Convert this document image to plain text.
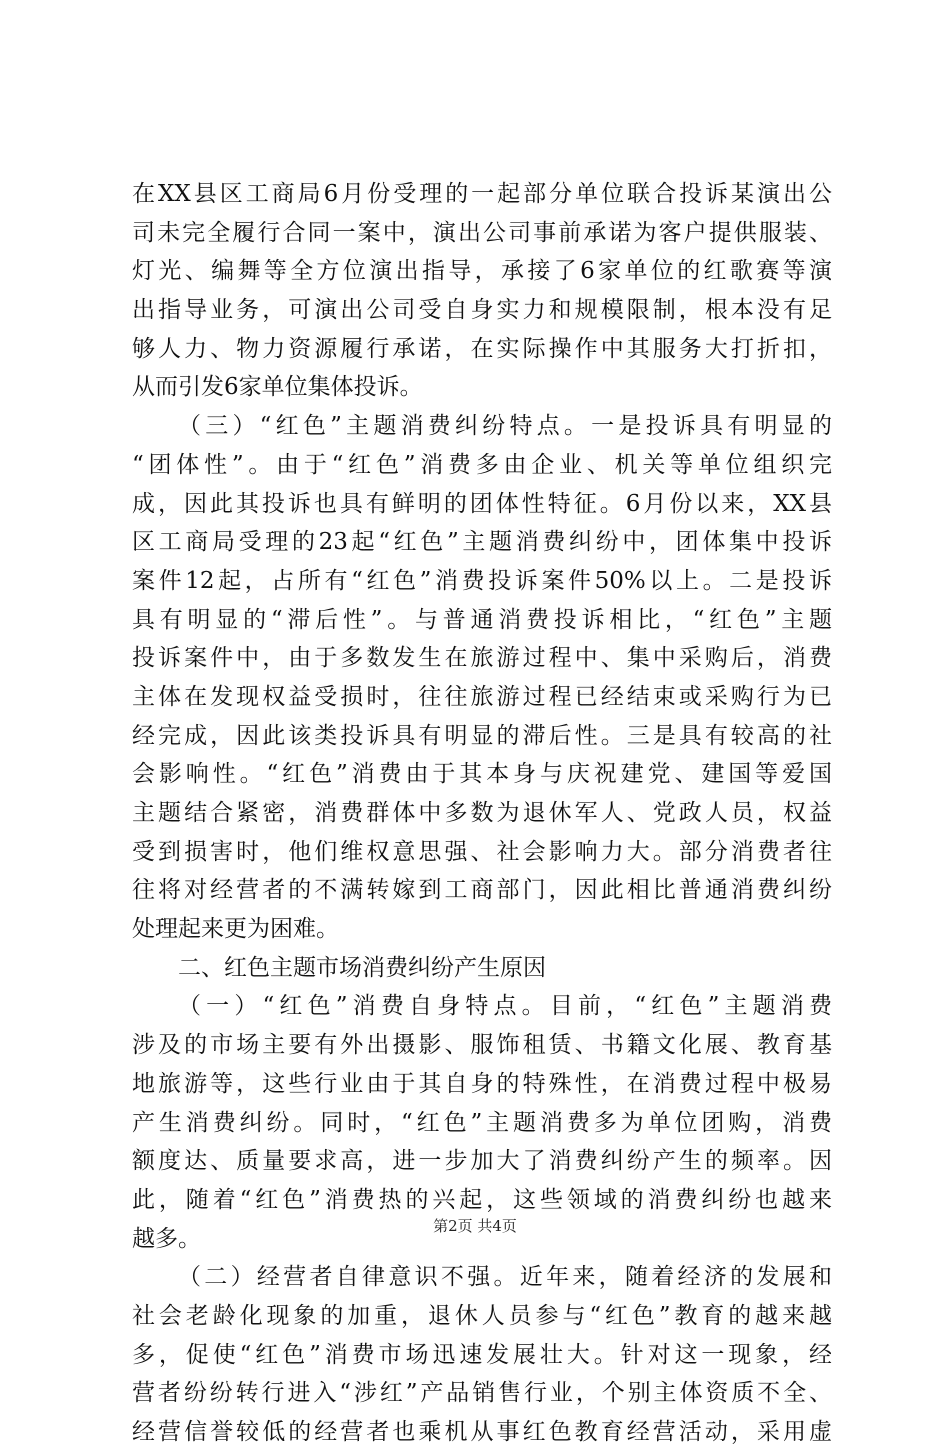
在XX县区工商局6月份受理的一起部分单位联合投诉某演出公
司未完全履行合同一案中，演出公司事前承诺为客户提供服装、
灯光、编舞等全方位演出指导，承接了6家单位的红歌赛等演
出指导业务，可演出公司受自身实力和规模限制，根本没有足
够人力、物力资源履行承诺，在实际操作中其服务大打折扣，
从而引发6家单位集体投诉。
（三）“红色”主题消费纠纷特点。一是投诉具有明显的
“团体性”。由于“红色”消费多由企业、机关等单位组织完
成，因此其投诉也具有鲜明的团体性特征。6月份以来，XX县
区工商局受理的23起“红色”主题消费纠纷中，团体集中投诉
案件12起，占所有“红色”消费投诉案件50%以上。二是投诉
具有明显的“滞后性”。与普通消费投诉相比，“红色”主题
投诉案件中，由于多数发生在旅游过程中、集中采购后，消费
主体在发现权益受损时，往往旅游过程已经结束或采购行为已
经完成，因此该类投诉具有明显的滞后性。三是具有较高的社
会影响性。“红色”消费由于其本身与庆祝建党、建国等爱国
主题结合紧密，消费群体中多数为退休军人、党政人员，权益
受到损害时，他们维权意思强、社会影响力大。部分消费者往
往将对经营者的不满转嫁到工商部门，因此相比普通消费纠纷
处理起来更为困难。
二、红色主题市场消费纠纷产生原因
（一）“红色”消费自身特点。目前，“红色”主题消费
涉及的市场主要有外出摄影、服饰租赁、书籍文化展、教育基
地旅游等，这些行业由于其自身的特殊性，在消费过程中极易
产生消费纠纷。同时，“红色”主题消费多为单位团购，消费
额度达、质量要求高，进一步加大了消费纠纷产生的频率。因
此，随着“红色”消费热的兴起，这些领域的消费纠纷也越来
越多。
（二）经营者自律意识不强。近年来，随着经济的发展和
社会老龄化现象的加重，退休人员参与“红色”教育的越来越
多，促使“红色”消费市场迅速发展壮大。针对这一现象，经
营者纷纷转行进入“涉红”产品销售行业，个别主体资质不全、
经营信誉较低的经营者也乘机从事红色教育经营活动，采用虚
第2页 共4页
